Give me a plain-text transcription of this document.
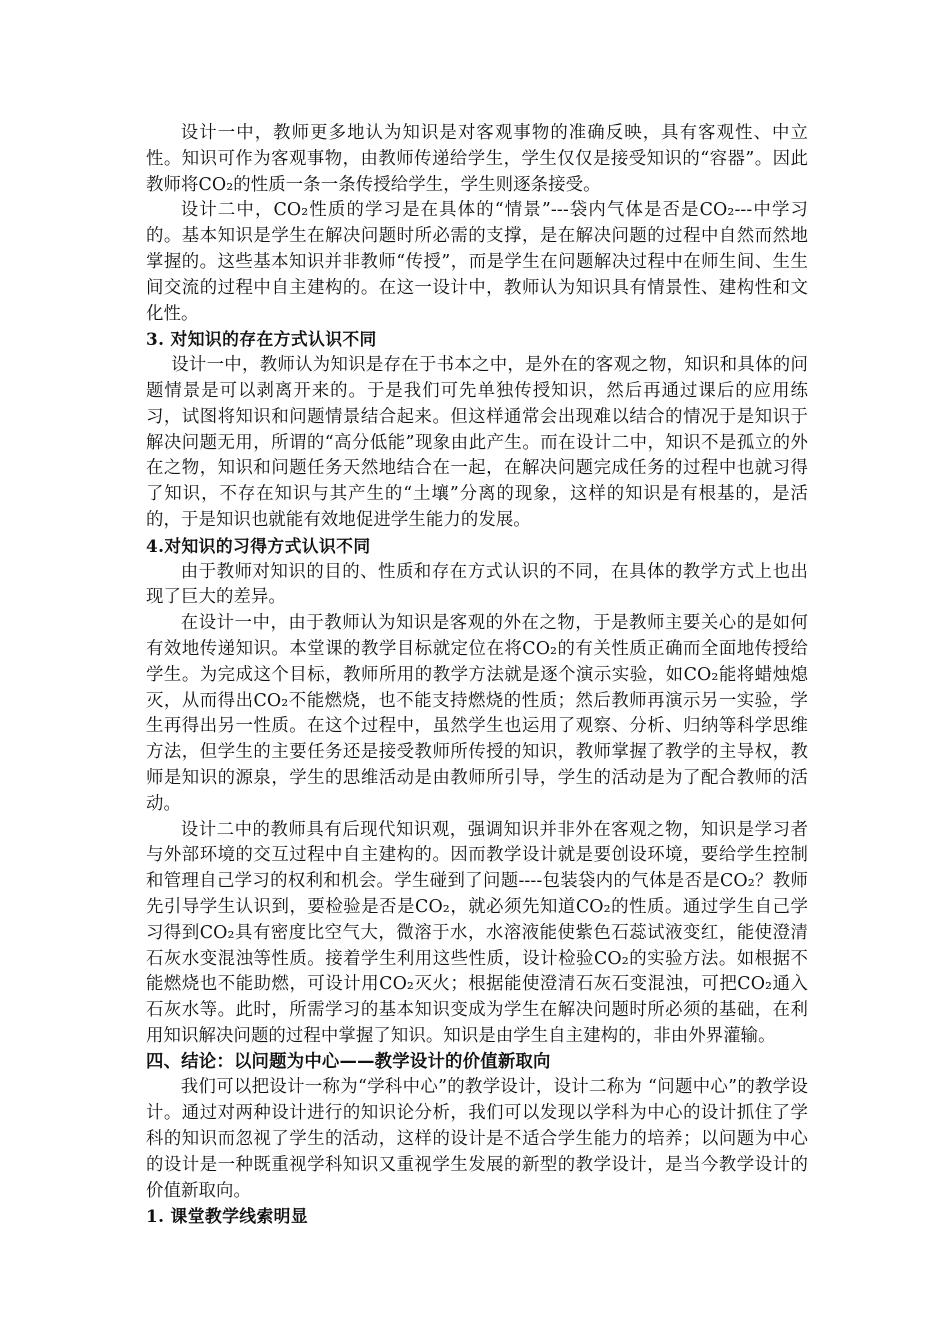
设计一中，教师更多地认为知识是对客观事物的准确反映，具有客观性、中立性。知识可作为客观事物，由教师传递给学生，学生仅仅是接受知识的“容器”。因此教师将CO₂的性质一条一条传授给学生，学生则逐条接受。

设计二中，CO₂性质的学习是在具体的“情景”---袋内气体是否是CO₂---中学习的。基本知识是学生在解决问题时所必需的支撑，是在解决问题的过程中自然而然地掌握的。这些基本知识并非教师“传授”，而是学生在问题解决过程中在师生间、生生间交流的过程中自主建构的。在这一设计中，教师认为知识具有情景性、建构性和文化性。

3. 对知识的存在方式认识不同

设计一中，教师认为知识是存在于书本之中，是外在的客观之物，知识和具体的问题情景是可以剥离开来的。于是我们可先单独传授知识，然后再通过课后的应用练习，试图将知识和问题情景结合起来。但这样通常会出现难以结合的情况于是知识于解决问题无用，所谓的“高分低能”现象由此产生。而在设计二中，知识不是孤立的外在之物，知识和问题任务天然地结合在一起，在解决问题完成任务的过程中也就习得了知识，不存在知识与其产生的“土壤”分离的现象，这样的知识是有根基的，是活的，于是知识也就能有效地促进学生能力的发展。

4.对知识的习得方式认识不同

由于教师对知识的目的、性质和存在方式认识的不同，在具体的教学方式上也出现了巨大的差异。

在设计一中，由于教师认为知识是客观的外在之物，于是教师主要关心的是如何有效地传递知识。本堂课的教学目标就定位在将CO₂的有关性质正确而全面地传授给学生。为完成这个目标，教师所用的教学方法就是逐个演示实验，如CO₂能将蜡烛熄灭，从而得出CO₂不能燃烧，也不能支持燃烧的性质；然后教师再演示另一实验，学生再得出另一性质。在这个过程中，虽然学生也运用了观察、分析、归纳等科学思维方法，但学生的主要任务还是接受教师所传授的知识，教师掌握了教学的主导权，教师是知识的源泉，学生的思维活动是由教师所引导，学生的活动是为了配合教师的活动。

设计二中的教师具有后现代知识观，强调知识并非外在客观之物，知识是学习者与外部环境的交互过程中自主建构的。因而教学设计就是要创设环境，要给学生控制和管理自己学习的权利和机会。学生碰到了问题----包装袋内的气体是否是CO₂？教师先引导学生认识到，要检验是否是CO₂，就必须先知道CO₂的性质。通过学生自己学习得到CO₂具有密度比空气大，微溶于水，水溶液能使紫色石蕊试液变红，能使澄清石灰水变混浊等性质。接着学生利用这些性质，设计检验CO₂的实验方法。如根据不能燃烧也不能助燃，可设计用CO₂灭火；根据能使澄清石灰石变混浊，可把CO₂通入石灰水等。此时，所需学习的基本知识变成为学生在解决问题时所必须的基础，在利用知识解决问题的过程中掌握了知识。知识是由学生自主建构的，非由外界灌输。

四、结论：以问题为中心——教学设计的价值新取向

我们可以把设计一称为“学科中心”的教学设计，设计二称为 “问题中心”的教学设计。通过对两种设计进行的知识论分析，我们可以发现以学科为中心的设计抓住了学科的知识而忽视了学生的活动，这样的设计是不适合学生能力的培养；以问题为中心的设计是一种既重视学科知识又重视学生发展的新型的教学设计，是当今教学设计的价值新取向。

1. 课堂教学线索明显
